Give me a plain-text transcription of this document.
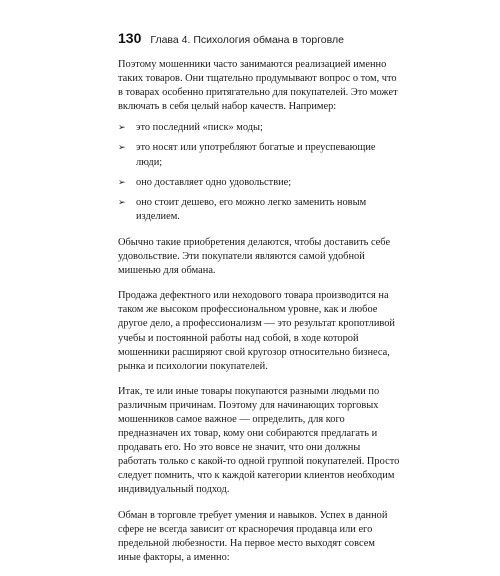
130 Глава 4. Психология обмана в торговле

Поэтому мошенники часто занимаются реализацией именно таких товаров. Они тщательно продумывают вопрос о том, что в товарах особенно притягательно для покупателей. Это может включать в себя целый набор качеств. Например:

➢ это последний «писк» моды;
➢ это носят или употребляют богатые и преуспевающие люди;
➢ оно доставляет одно удовольствие;
➢ оно стоит дешево, его можно легко заменить новым изделием.

Обычно такие приобретения делаются, чтобы доставить себе удовольствие. Эти покупатели являются самой удобной мишенью для обмана.

Продажа дефектного или неходового товара производится на таком же высоком профессиональном уровне, как и любое другое дело, а профессионализм — это результат кропотливой учебы и постоянной работы над собой, в ходе которой мошенники расширяют свой кругозор относительно бизнеса, рынка и психологии покупателей.

Итак, те или иные товары покупаются разными людьми по различным причинам. Поэтому для начинающих торговых мошенников самое важное — определить, для кого предназначен их товар, кому они собираются предлагать и продавать его. Но это вовсе не значит, что они должны работать только с какой-то одной группой покупателей. Просто следует помнить, что к каждой категории клиентов необходим индивидуальный подход.

Обман в торговле требует умения и навыков. Успех в данной сфере не всегда зависит от красноречия продавца или его предельной любезности. На первое место выходят совсем иные факторы, а именно:
